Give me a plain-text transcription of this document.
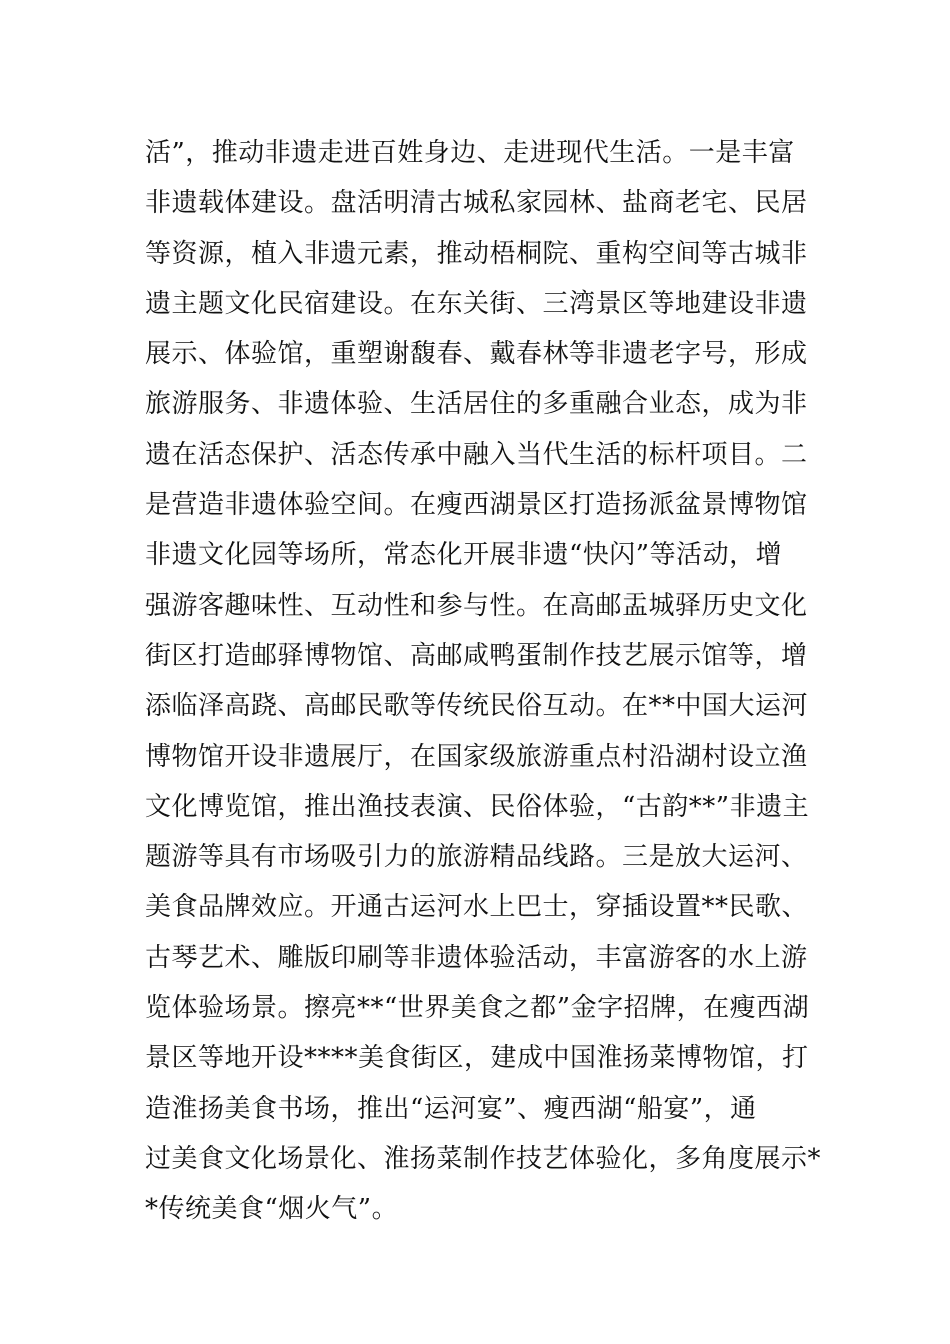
活”，推动非遗走进百姓身边、走进现代生活。一是丰富
非遗载体建设。盘活明清古城私家园林、盐商老宅、民居
等资源，植入非遗元素，推动梧桐院、重构空间等古城非
遗主题文化民宿建设。在东关街、三湾景区等地建设非遗
展示、体验馆，重塑谢馥春、戴春林等非遗老字号，形成
旅游服务、非遗体验、生活居住的多重融合业态，成为非
遗在活态保护、活态传承中融入当代生活的标杆项目。二
是营造非遗体验空间。在瘦西湖景区打造扬派盆景博物馆
非遗文化园等场所，常态化开展非遗“快闪”等活动，增
强游客趣味性、互动性和参与性。在高邮盂城驿历史文化
街区打造邮驿博物馆、高邮咸鸭蛋制作技艺展示馆等，增
添临泽高跷、高邮民歌等传统民俗互动。在**中国大运河
博物馆开设非遗展厅，在国家级旅游重点村沿湖村设立渔
文化博览馆，推出渔技表演、民俗体验，“古韵**”非遗主
题游等具有市场吸引力的旅游精品线路。三是放大运河、
美食品牌效应。开通古运河水上巴士，穿插设置**民歌、
古琴艺术、雕版印刷等非遗体验活动，丰富游客的水上游
览体验场景。擦亮**“世界美食之都”金字招牌，在瘦西湖
景区等地开设****美食街区，建成中国淮扬菜博物馆，打
造淮扬美食书场，推出“运河宴”、瘦西湖“船宴”，通
过美食文化场景化、淮扬菜制作技艺体验化，多角度展示*
*传统美食“烟火气”。
